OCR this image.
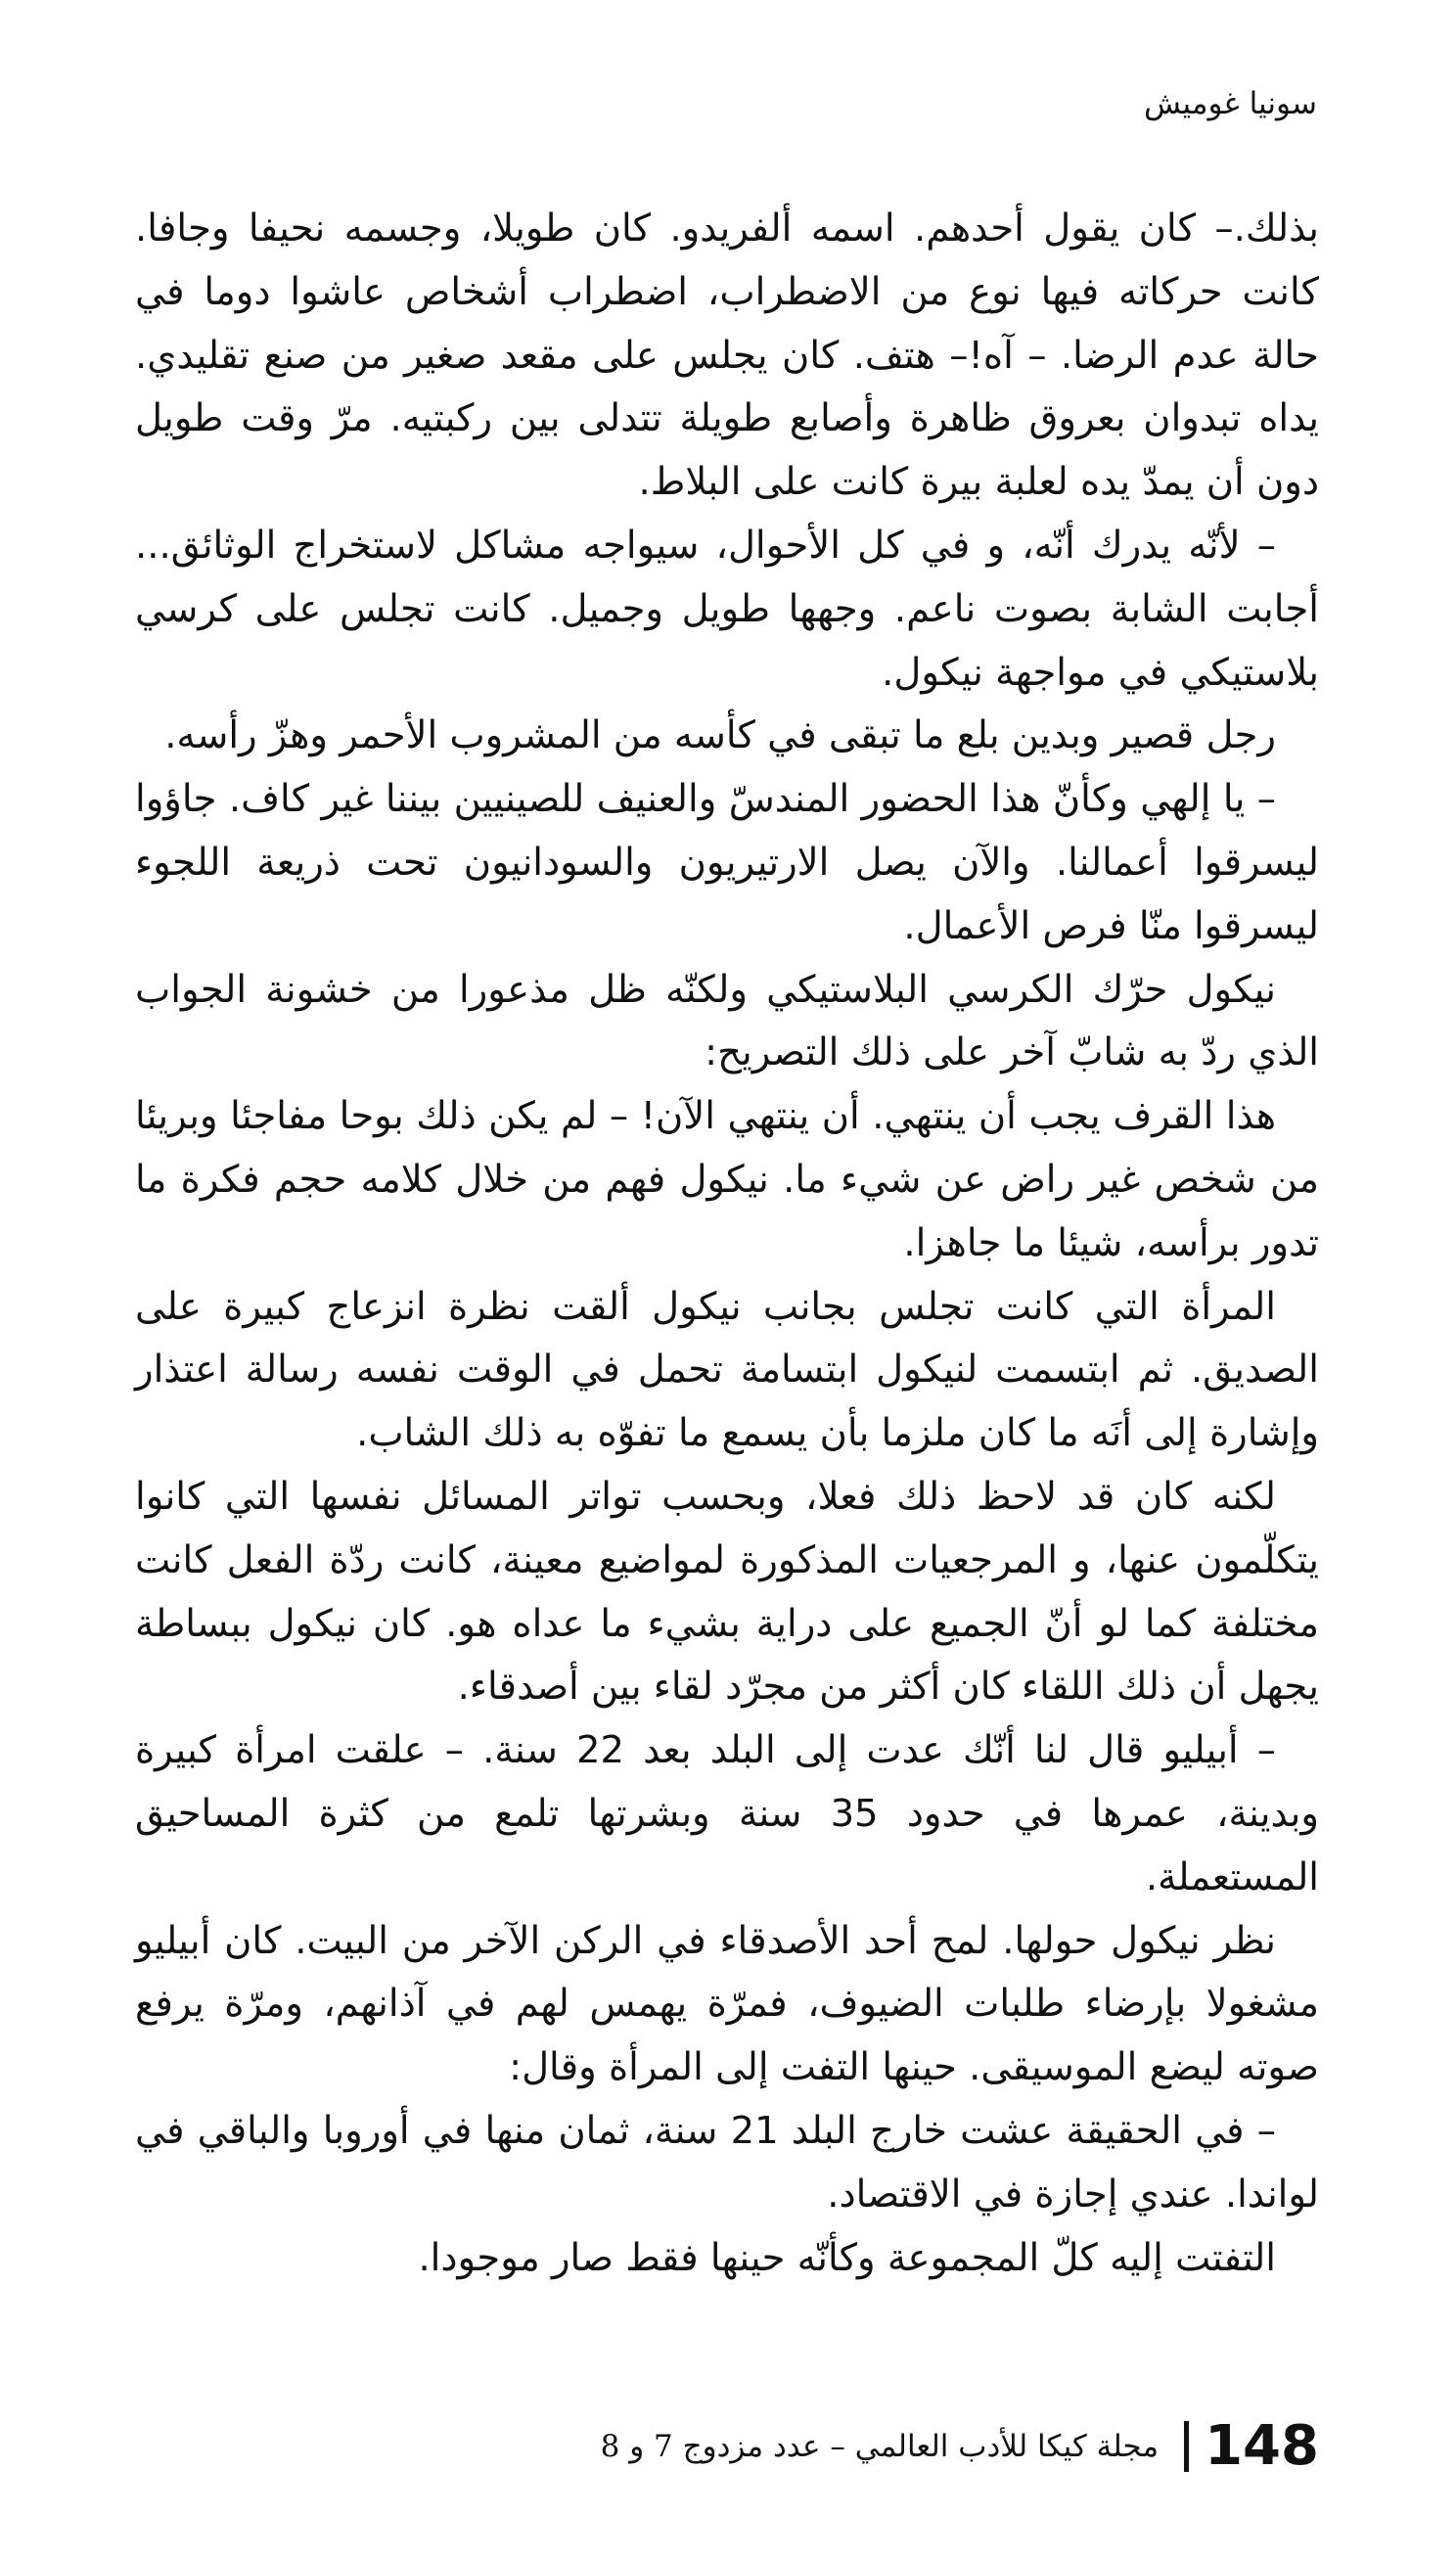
سونيا غوميش

بذلك.– كان يقول أحدهم. اسمه ألفريدو. كان طويلا، وجسمه نحيفا وجافا. كانت حركاته فيها نوع من الاضطراب، اضطراب أشخاص عاشوا دوما في حالة عدم الرضا. – آه!– هتف. كان يجلس على مقعد صغير من صنع تقليدي. يداه تبدوان بعروق ظاهرة وأصابع طويلة تتدلى بين ركبتيه. مرّ وقت طويل دون أن يمدّ يده لعلبة بيرة كانت على البلاط.

– لأنّه يدرك أنّه، و في كل الأحوال، سيواجه مشاكل لاستخراج الوثائق... أجابت الشابة بصوت ناعم. وجهها طويل وجميل. كانت تجلس على كرسي بلاستيكي في مواجهة نيكول.

رجل قصير وبدين بلع ما تبقى في كأسه من المشروب الأحمر وهزّ رأسه.

– يا إلهي وكأنّ هذا الحضور المندسّ والعنيف للصينيين بيننا غير كاف. جاؤوا ليسرقوا أعمالنا. والآن يصل الارتيريون والسودانيون تحت ذريعة اللجوء ليسرقوا منّا فرص الأعمال.

نيكول حرّك الكرسي البلاستيكي ولكنّه ظل مذعورا من خشونة الجواب الذي ردّ به شابّ آخر على ذلك التصريح:

هذا القرف يجب أن ينتهي. أن ينتهي الآن! – لم يكن ذلك بوحا مفاجئا وبريئا من شخص غير راض عن شيء ما. نيكول فهم من خلال كلامه حجم فكرة ما تدور برأسه، شيئا ما جاهزا.

المرأة التي كانت تجلس بجانب نيكول ألقت نظرة انزعاج كبيرة على الصديق. ثم ابتسمت لنيكول ابتسامة تحمل في الوقت نفسه رسالة اعتذار وإشارة إلى أنَه ما كان ملزما بأن يسمع ما تفوّه به ذلك الشاب.

لكنه كان قد لاحظ ذلك فعلا، وبحسب تواتر المسائل نفسها التي كانوا يتكلّمون عنها، و المرجعيات المذكورة لمواضيع معينة، كانت ردّة الفعل كانت مختلفة كما لو أنّ الجميع على دراية بشيء ما عداه هو. كان نيكول ببساطة يجهل أن ذلك اللقاء كان أكثر من مجرّد لقاء بين أصدقاء.

– أبيليو قال لنا أنّك عدت إلى البلد بعد 22 سنة. – علقت امرأة كبيرة وبدينة، عمرها في حدود 35 سنة وبشرتها تلمع من كثرة المساحيق المستعملة.

نظر نيكول حولها. لمح أحد الأصدقاء في الركن الآخر من البيت. كان أبيليو مشغولا بإرضاء طلبات الضيوف، فمرّة يهمس لهم في آذانهم، ومرّة يرفع صوته ليضع الموسيقى. حينها التفت إلى المرأة وقال:

– في الحقيقة عشت خارج البلد 21 سنة، ثمان منها في أوروبا والباقي في لواندا. عندي إجازة في الاقتصاد.

التفتت إليه كلّ المجموعة وكأنّه حينها فقط صار موجودا.

148
مجلة كيكا للأدب العالمي – عدد مزدوج 7 و 8
